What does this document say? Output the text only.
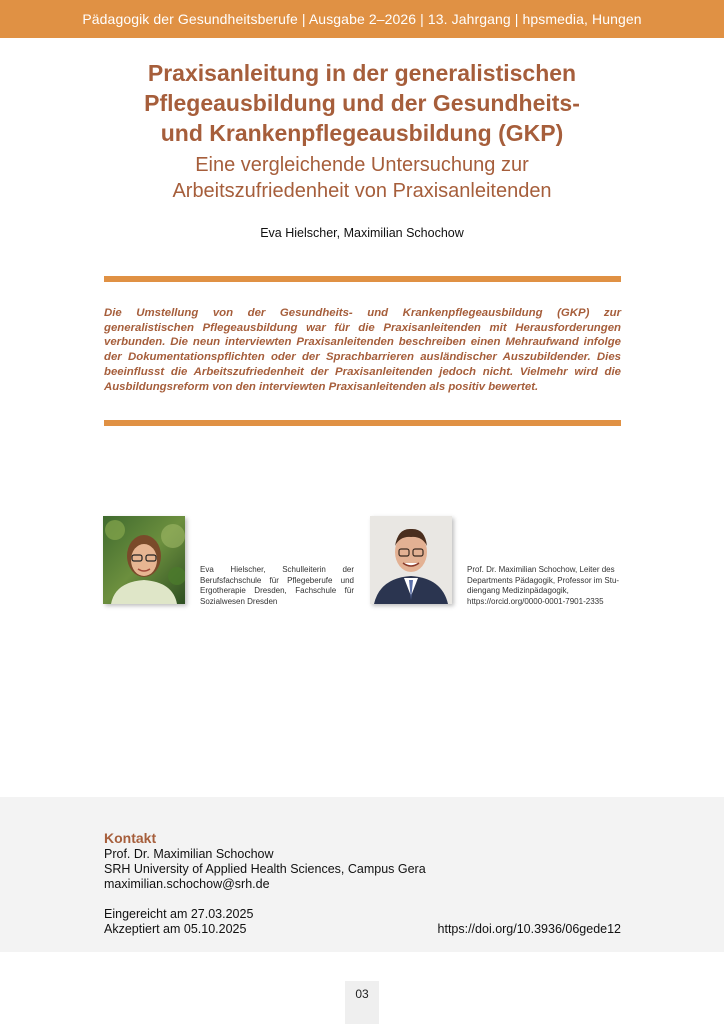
Pädagogik der Gesundheitsberufe | Ausgabe 2–2026 | 13. Jahrgang | hpsmedia, Hungen
Praxisanleitung in der generalistischen
Pflegeausbildung und der Gesundheits-
und Krankenpflegeausbildung (GKP)
Eine vergleichende Untersuchung zur
Arbeitszufriedenheit von Praxisanleitenden
Eva Hielscher, Maximilian Schochow

Die Umstellung von der Gesundheits- und Krankenpflegeausbildung (GKP) zur generalistischen Pflegeausbildung war für die Praxisanleitenden mit Herausforderungen verbunden. Die neun interviewten Praxisanleitenden beschreiben einen Mehraufwand infolge der Dokumentationspflichten oder der Sprachbarrieren ausländischer Auszubildender. Dies beeinflusst die Arbeitszufriedenheit der Praxisanleitenden jedoch nicht. Vielmehr wird die Ausbildungsreform von den interviewten Praxisanleitenden als positiv bewertet.

Eva Hielscher, Schulleiterin der Berufsfachschule für Pflegeberufe und Ergotherapie Dresden, Fachschule für Sozialwesen Dresden
Prof. Dr. Maximilian Schochow, Leiter des
Departments Pädagogik, Professor im Stu-
diengang Medizinpädagogik,
https://orcid.org/0000-0001-7901-2335
Kontakt
Prof. Dr. Maximilian Schochow
SRH University of Applied Health Sciences, Campus Gera
maximilian.schochow@srh.de
Eingereicht am 27.03.2025
Akzeptiert am 05.10.2025	https://doi.org/10.3936/06gede12
03
